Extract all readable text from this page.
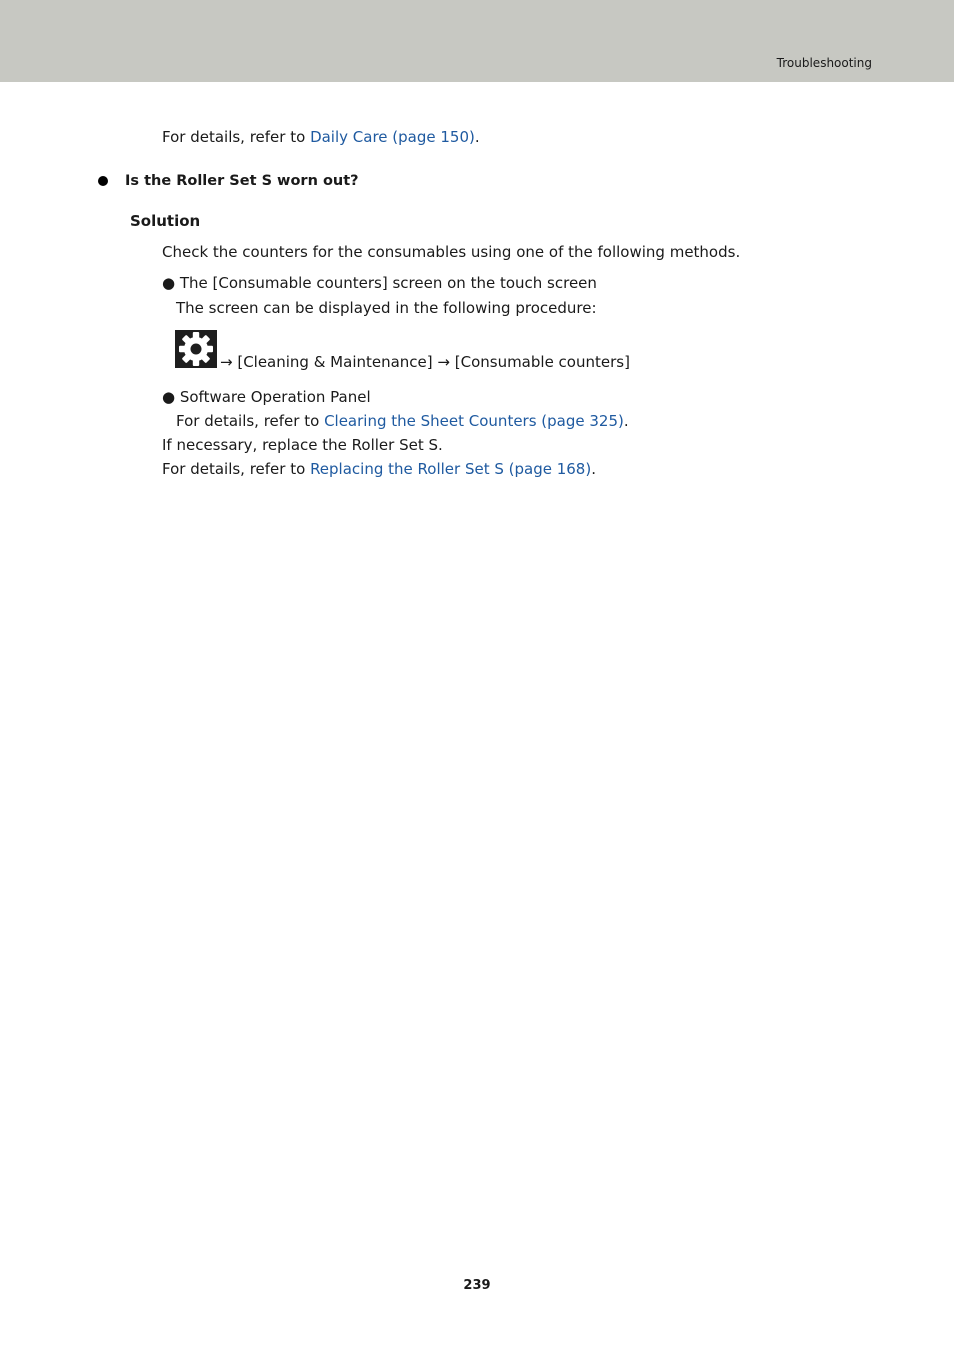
Troubleshooting
For details, refer to Daily Care (page 150).
Is the Roller Set S worn out?
Solution
Check the counters for the consumables using one of the following methods.
● The [Consumable counters] screen on the touch screen
The screen can be displayed in the following procedure:
→ [Cleaning & Maintenance] → [Consumable counters]
● Software Operation Panel
For details, refer to Clearing the Sheet Counters (page 325).
If necessary, replace the Roller Set S.
For details, refer to Replacing the Roller Set S (page 168).
239
